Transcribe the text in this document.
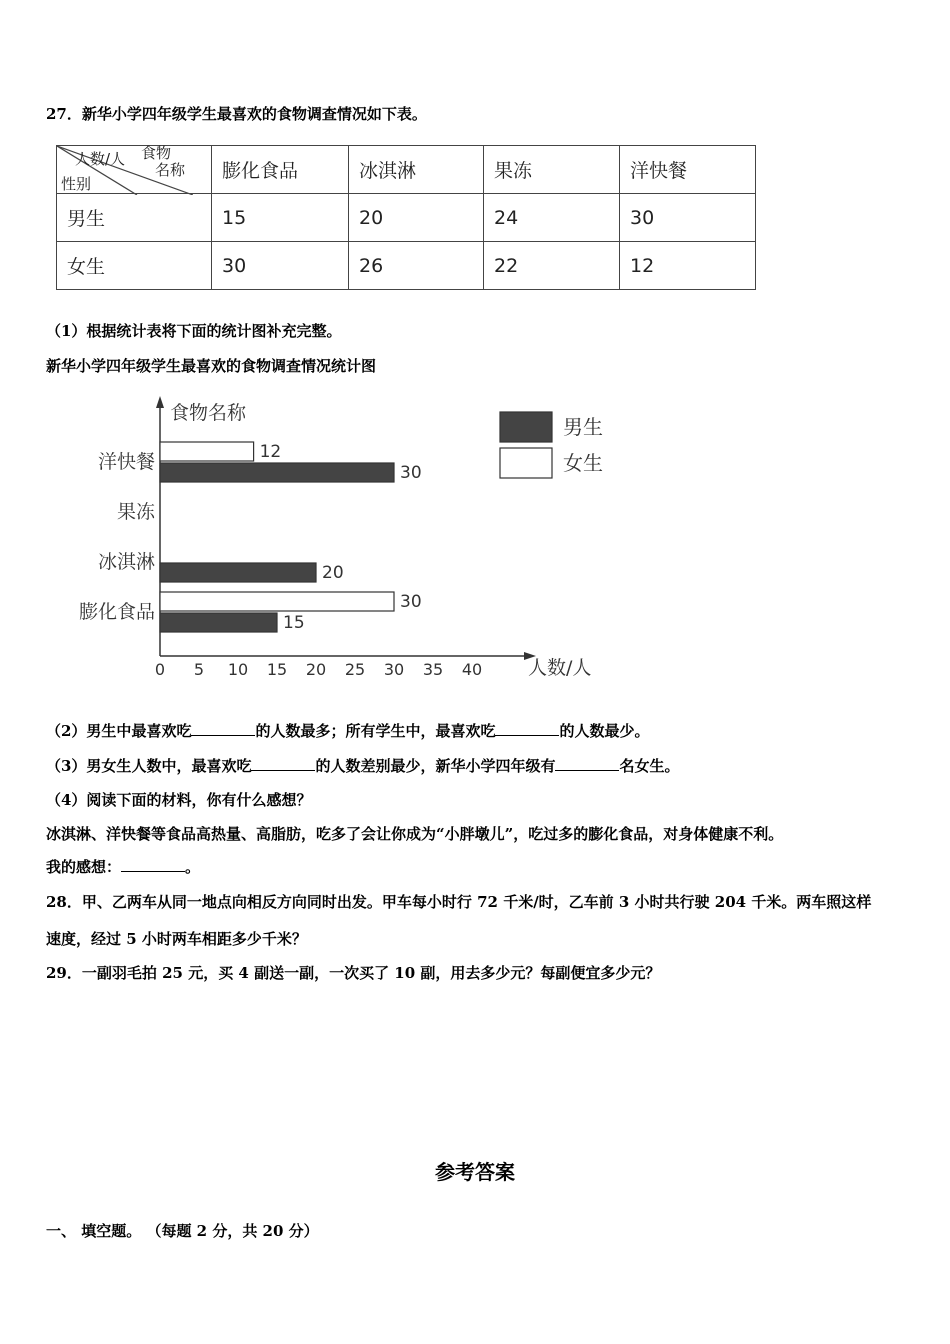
27．新华小学四年级学生最喜欢的食物调查情况如下表。
人数/人 食物
名称
性别	膨化食品	冰淇淋	果冻	洋快餐
男生	15	20	24	30
女生	30	26	22	12
（1）根据统计表将下面的统计图补充完整。
新华小学四年级学生最喜欢的食物调查情况统计图
食物名称
人数/人
0 5 10 15 20 25 30 35 40
膨化食品
冰淇淋
果冻
洋快餐
15
30
20
30
12
男生
女生
（2）男生中最喜欢吃	的人数最多；所有学生中，最喜欢吃	的人数最少。
（3）男女生人数中，最喜欢吃	的人数差别最少，新华小学四年级有	名女生。
（4）阅读下面的材料，你有什么感想？
冰淇淋、洋快餐等食品高热量、高脂肪，吃多了会让你成为“小胖墩儿”，吃过多的膨化食品，对身体健康不利。
我的感想：	。
28．甲、乙两车从同一地点向相反方向同时出发。甲车每小时行 72 千米/时，乙车前 3 小时共行驶 204 千米。两车照这样
速度，经过 5 小时两车相距多少千米？
29．一副羽毛拍 25 元，买 4 副送一副，一次买了 10 副，用去多少元？每副便宜多少元？
参考答案
一、 填空题。 （每题 2 分，共 20 分）
